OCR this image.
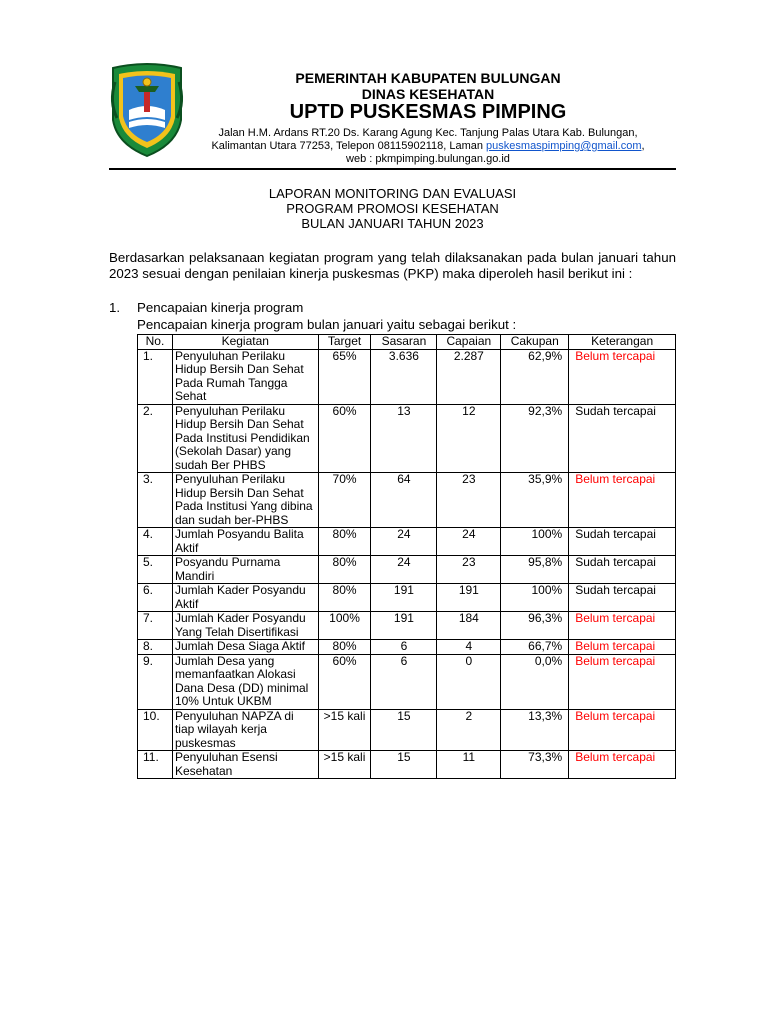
PEMERINTAH KABUPATEN BULUNGAN
DINAS KESEHATAN
UPTD PUSKESMAS PIMPING
Jalan H.M. Ardans RT.20 Ds. Karang Agung Kec. Tanjung Palas Utara Kab. Bulungan,
Kalimantan Utara 77253, Telepon 08115902118, Laman puskesmaspimping@gmail.com,
web : pkmpimping.bulungan.go.id
LAPORAN MONITORING DAN EVALUASI
PROGRAM PROMOSI KESEHATAN
BULAN JANUARI TAHUN 2023
Berdasarkan pelaksanaan kegiatan program yang telah dilaksanakan pada bulan januari tahun 2023 sesuai dengan penilaian kinerja puskesmas (PKP) maka diperoleh hasil berikut ini :
1. Pencapaian kinerja program
Pencapaian kinerja program bulan januari yaitu sebagai berikut :
No.	Kegiatan	Target	Sasaran	Capaian	Cakupan	Keterangan
1.	Penyuluhan Perilaku Hidup Bersih Dan Sehat Pada Rumah Tangga Sehat	65%	3.636	2.287	62,9%	Belum tercapai
2.	Penyuluhan Perilaku Hidup Bersih Dan Sehat Pada Institusi Pendidikan (Sekolah Dasar) yang sudah Ber PHBS	60%	13	12	92,3%	Sudah tercapai
3.	Penyuluhan Perilaku Hidup Bersih Dan Sehat Pada Institusi Yang dibina dan sudah ber-PHBS	70%	64	23	35,9%	Belum tercapai
4.	Jumlah Posyandu Balita Aktif	80%	24	24	100%	Sudah tercapai
5.	Posyandu Purnama Mandiri	80%	24	23	95,8%	Sudah tercapai
6.	Jumlah Kader Posyandu Aktif	80%	191	191	100%	Sudah tercapai
7.	Jumlah Kader Posyandu Yang Telah Disertifikasi	100%	191	184	96,3%	Belum tercapai
8.	Jumlah Desa Siaga Aktif	80%	6	4	66,7%	Belum tercapai
9.	Jumlah Desa yang memanfaatkan Alokasi Dana Desa (DD) minimal 10% Untuk UKBM	60%	6	0	0,0%	Belum tercapai
10.	Penyuluhan NAPZA di tiap wilayah kerja puskesmas	>15 kali	15	2	13,3%	Belum tercapai
11.	Penyuluhan Esensi Kesehatan	>15 kali	15	11	73,3%	Belum tercapai
